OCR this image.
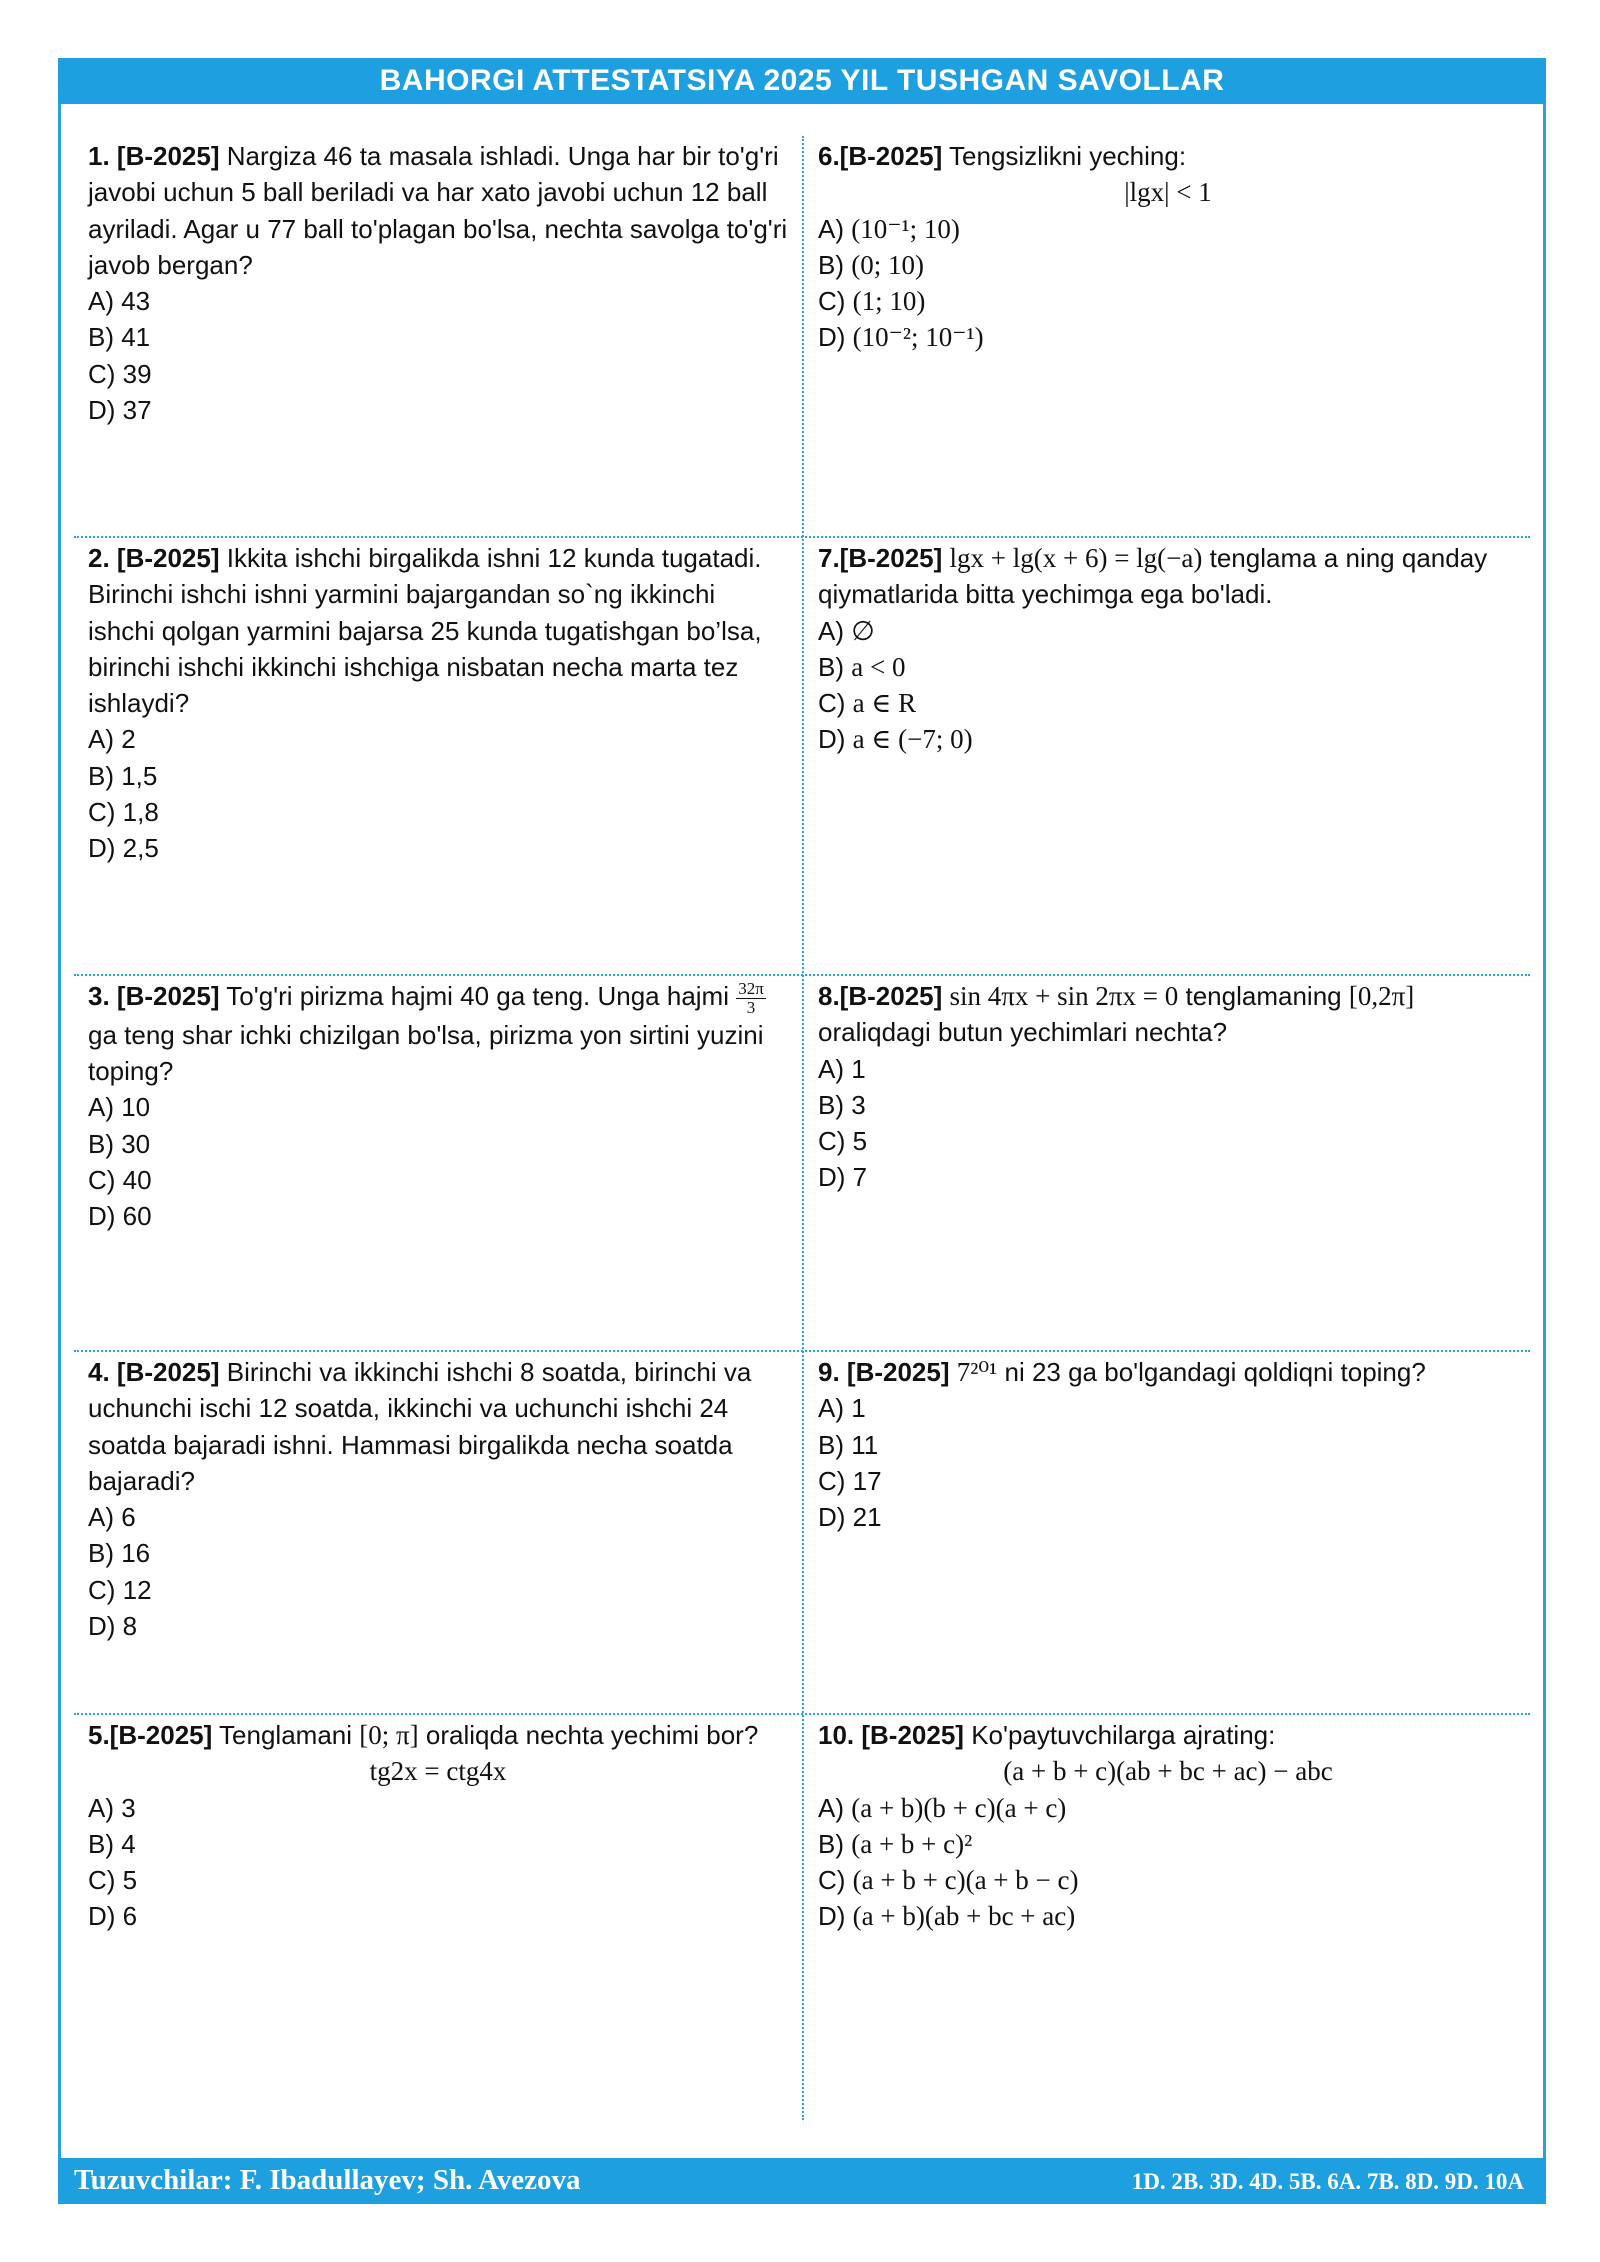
BAHORGI ATTESTATSIYA 2025 YIL TUSHGAN SAVOLLAR
1. [B-2025] Nargiza 46 ta masala ishladi. Unga har bir to'g'ri javobi uchun 5 ball beriladi va har xato javobi uchun 12 ball ayriladi. Agar u 77 ball to'plagan bo'lsa, nechta savolga to'g'ri javob bergan?
A) 43
B) 41
C) 39
D) 37
2. [B-2025] Ikkita ishchi birgalikda ishni 12 kunda tugatadi. Birinchi ishchi ishni yarmini bajargandan so`ng ikkinchi ishchi qolgan yarmini bajarsa 25 kunda tugatishgan bo’lsa, birinchi ishchi ikkinchi ishchiga nisbatan necha marta tez ishlaydi?
A) 2
B) 1,5
C) 1,8
D) 2,5
3. [B-2025] To'g'ri pirizma hajmi 40 ga teng. Unga hajmi $\frac{32\pi}{3}$
ga teng shar ichki chizilgan bo'lsa, pirizma yon sirtini yuzini toping?
A) 10
B) 30
C) 40
D) 60
4. [B-2025] Birinchi va ikkinchi ishchi 8 soatda, birinchi va uchunchi ischi 12 soatda, ikkinchi va uchunchi ishchi 24 soatda bajaradi ishni. Hammasi birgalikda necha soatda bajaradi?
A) 6
B) 16
C) 12
D) 8
5.[B-2025] Tenglamani [0; π] oraliqda nechta yechimi bor?
tg2x = ctg4x
A) 3
B) 4
C) 5
D) 6
6.[B-2025] Tengsizlikni yeching:
|lgx| < 1
A) (10⁻¹; 10)
B) (0; 10)
C) (1; 10)
D) (10⁻²; 10⁻¹)
7.[B-2025] lgx + lg(x + 6) = lg(−a) tenglama a ning qanday qiymatlarida bitta yechimga ega bo'ladi.
A) ∅
B) a < 0
C) a ∈ R
D) a ∈ (−7; 0)
8.[B-2025] sin 4πx + sin 2πx = 0 tenglamaning [0,2π] oraliqdagi butun yechimlari nechta?
A) 1
B) 3
C) 5
D) 7
9. [B-2025] 7²⁰¹ ni 23 ga bo'lgandagi qoldiqni toping?
A) 1
B) 11
C) 17
D) 21
10. [B-2025] Ko'paytuvchilarga ajrating:
(a + b + c)(ab + bc + ac) − abc
A) (a + b)(b + c)(a + c)
B) (a + b + c)²
C) (a + b + c)(a + b − c)
D) (a + b)(ab + bc + ac)
Tuzuvchilar: F. Ibadullayev; Sh. Avezova	1D. 2B. 3D. 4D. 5B. 6A. 7B. 8D. 9D. 10A
